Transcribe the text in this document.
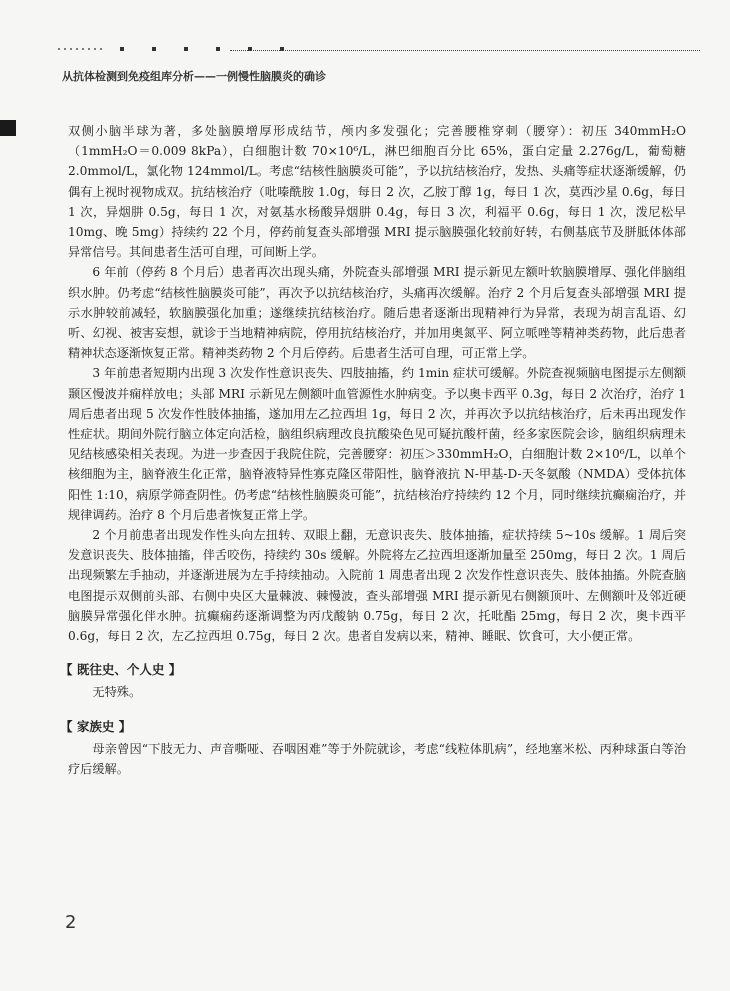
从抗体检测到免疫组库分析——一例慢性脑膜炎的确诊

双侧小脑半球为著，多处脑膜增厚形成结节，颅内多发强化；完善腰椎穿刺（腰穿）：初压 340mmH₂O（1mmH₂O＝0.009 8kPa），白细胞计数 70×10⁶/L，淋巴细胞百分比 65%，蛋白定量 2.276g/L，葡萄糖 2.0mmol/L，氯化物 124mmol/L。考虑“结核性脑膜炎可能”，予以抗结核治疗，发热、头痛等症状逐渐缓解，仍偶有上视时视物成双。抗结核治疗（吡嗪酰胺 1.0g，每日 2 次，乙胺丁醇 1g，每日 1 次，莫西沙星 0.6g，每日 1 次，异烟肼 0.5g，每日 1 次，对氨基水杨酸异烟肼 0.4g，每日 3 次，利福平 0.6g，每日 1 次，泼尼松早 10mg、晚 5mg）持续约 22 个月，停药前复查头部增强 MRI 提示脑膜强化较前好转，右侧基底节及胼胝体体部异常信号。其间患者生活可自理，可间断上学。

6 年前（停药 8 个月后）患者再次出现头痛，外院查头部增强 MRI 提示新见左额叶软脑膜增厚、强化伴脑组织水肿。仍考虑“结核性脑膜炎可能”，再次予以抗结核治疗，头痛再次缓解。治疗 2 个月后复查头部增强 MRI 提示水肿较前减轻，软脑膜强化加重；遂继续抗结核治疗。随后患者逐渐出现精神行为异常，表现为胡言乱语、幻听、幻视、被害妄想，就诊于当地精神病院，停用抗结核治疗，并加用奥氮平、阿立哌唑等精神类药物，此后患者精神状态逐渐恢复正常。精神类药物 2 个月后停药。后患者生活可自理，可正常上学。

3 年前患者短期内出现 3 次发作性意识丧失、四肢抽搐，约 1min 症状可缓解。外院查视频脑电图提示左侧额颞区慢波并痫样放电；头部 MRI 示新见左侧额叶血管源性水肿病变。予以奥卡西平 0.3g，每日 2 次治疗，治疗 1 周后患者出现 5 次发作性肢体抽搐，遂加用左乙拉西坦 1g，每日 2 次，并再次予以抗结核治疗，后未再出现发作性症状。期间外院行脑立体定向活检，脑组织病理改良抗酸染色见可疑抗酸杆菌，经多家医院会诊，脑组织病理未见结核感染相关表现。为进一步查因于我院住院，完善腰穿：初压＞330mmH₂O，白细胞计数 2×10⁶/L，以单个核细胞为主，脑脊液生化正常，脑脊液特异性寡克隆区带阳性，脑脊液抗 N-甲基-D-天冬氨酸（NMDA）受体抗体阳性 1:10，病原学筛查阴性。仍考虑“结核性脑膜炎可能”，抗结核治疗持续约 12 个月，同时继续抗癫痫治疗，并规律调药。治疗 8 个月后患者恢复正常上学。

2 个月前患者出现发作性头向左扭转、双眼上翻，无意识丧失、肢体抽搐，症状持续 5~10s 缓解。1 周后突发意识丧失、肢体抽搐，伴舌咬伤，持续约 30s 缓解。外院将左乙拉西坦逐渐加量至 250mg，每日 2 次。1 周后出现频繁左手抽动，并逐渐进展为左手持续抽动。入院前 1 周患者出现 2 次发作性意识丧失、肢体抽搐。外院查脑电图提示双侧前头部、右侧中央区大量棘波、棘慢波，查头部增强 MRI 提示新见右侧额顶叶、左侧额叶及邻近硬脑膜异常强化伴水肿。抗癫痫药逐渐调整为丙戊酸钠 0.75g，每日 2 次，托吡酯 25mg，每日 2 次，奥卡西平 0.6g，每日 2 次，左乙拉西坦 0.75g，每日 2 次。患者自发病以来，精神、睡眠、饮食可，大小便正常。

【 既往史、个人史 】

无特殊。

【 家族史 】

母亲曾因“下肢无力、声音嘶哑、吞咽困难”等于外院就诊，考虑“线粒体肌病”，经地塞米松、丙种球蛋白等治疗后缓解。

2
